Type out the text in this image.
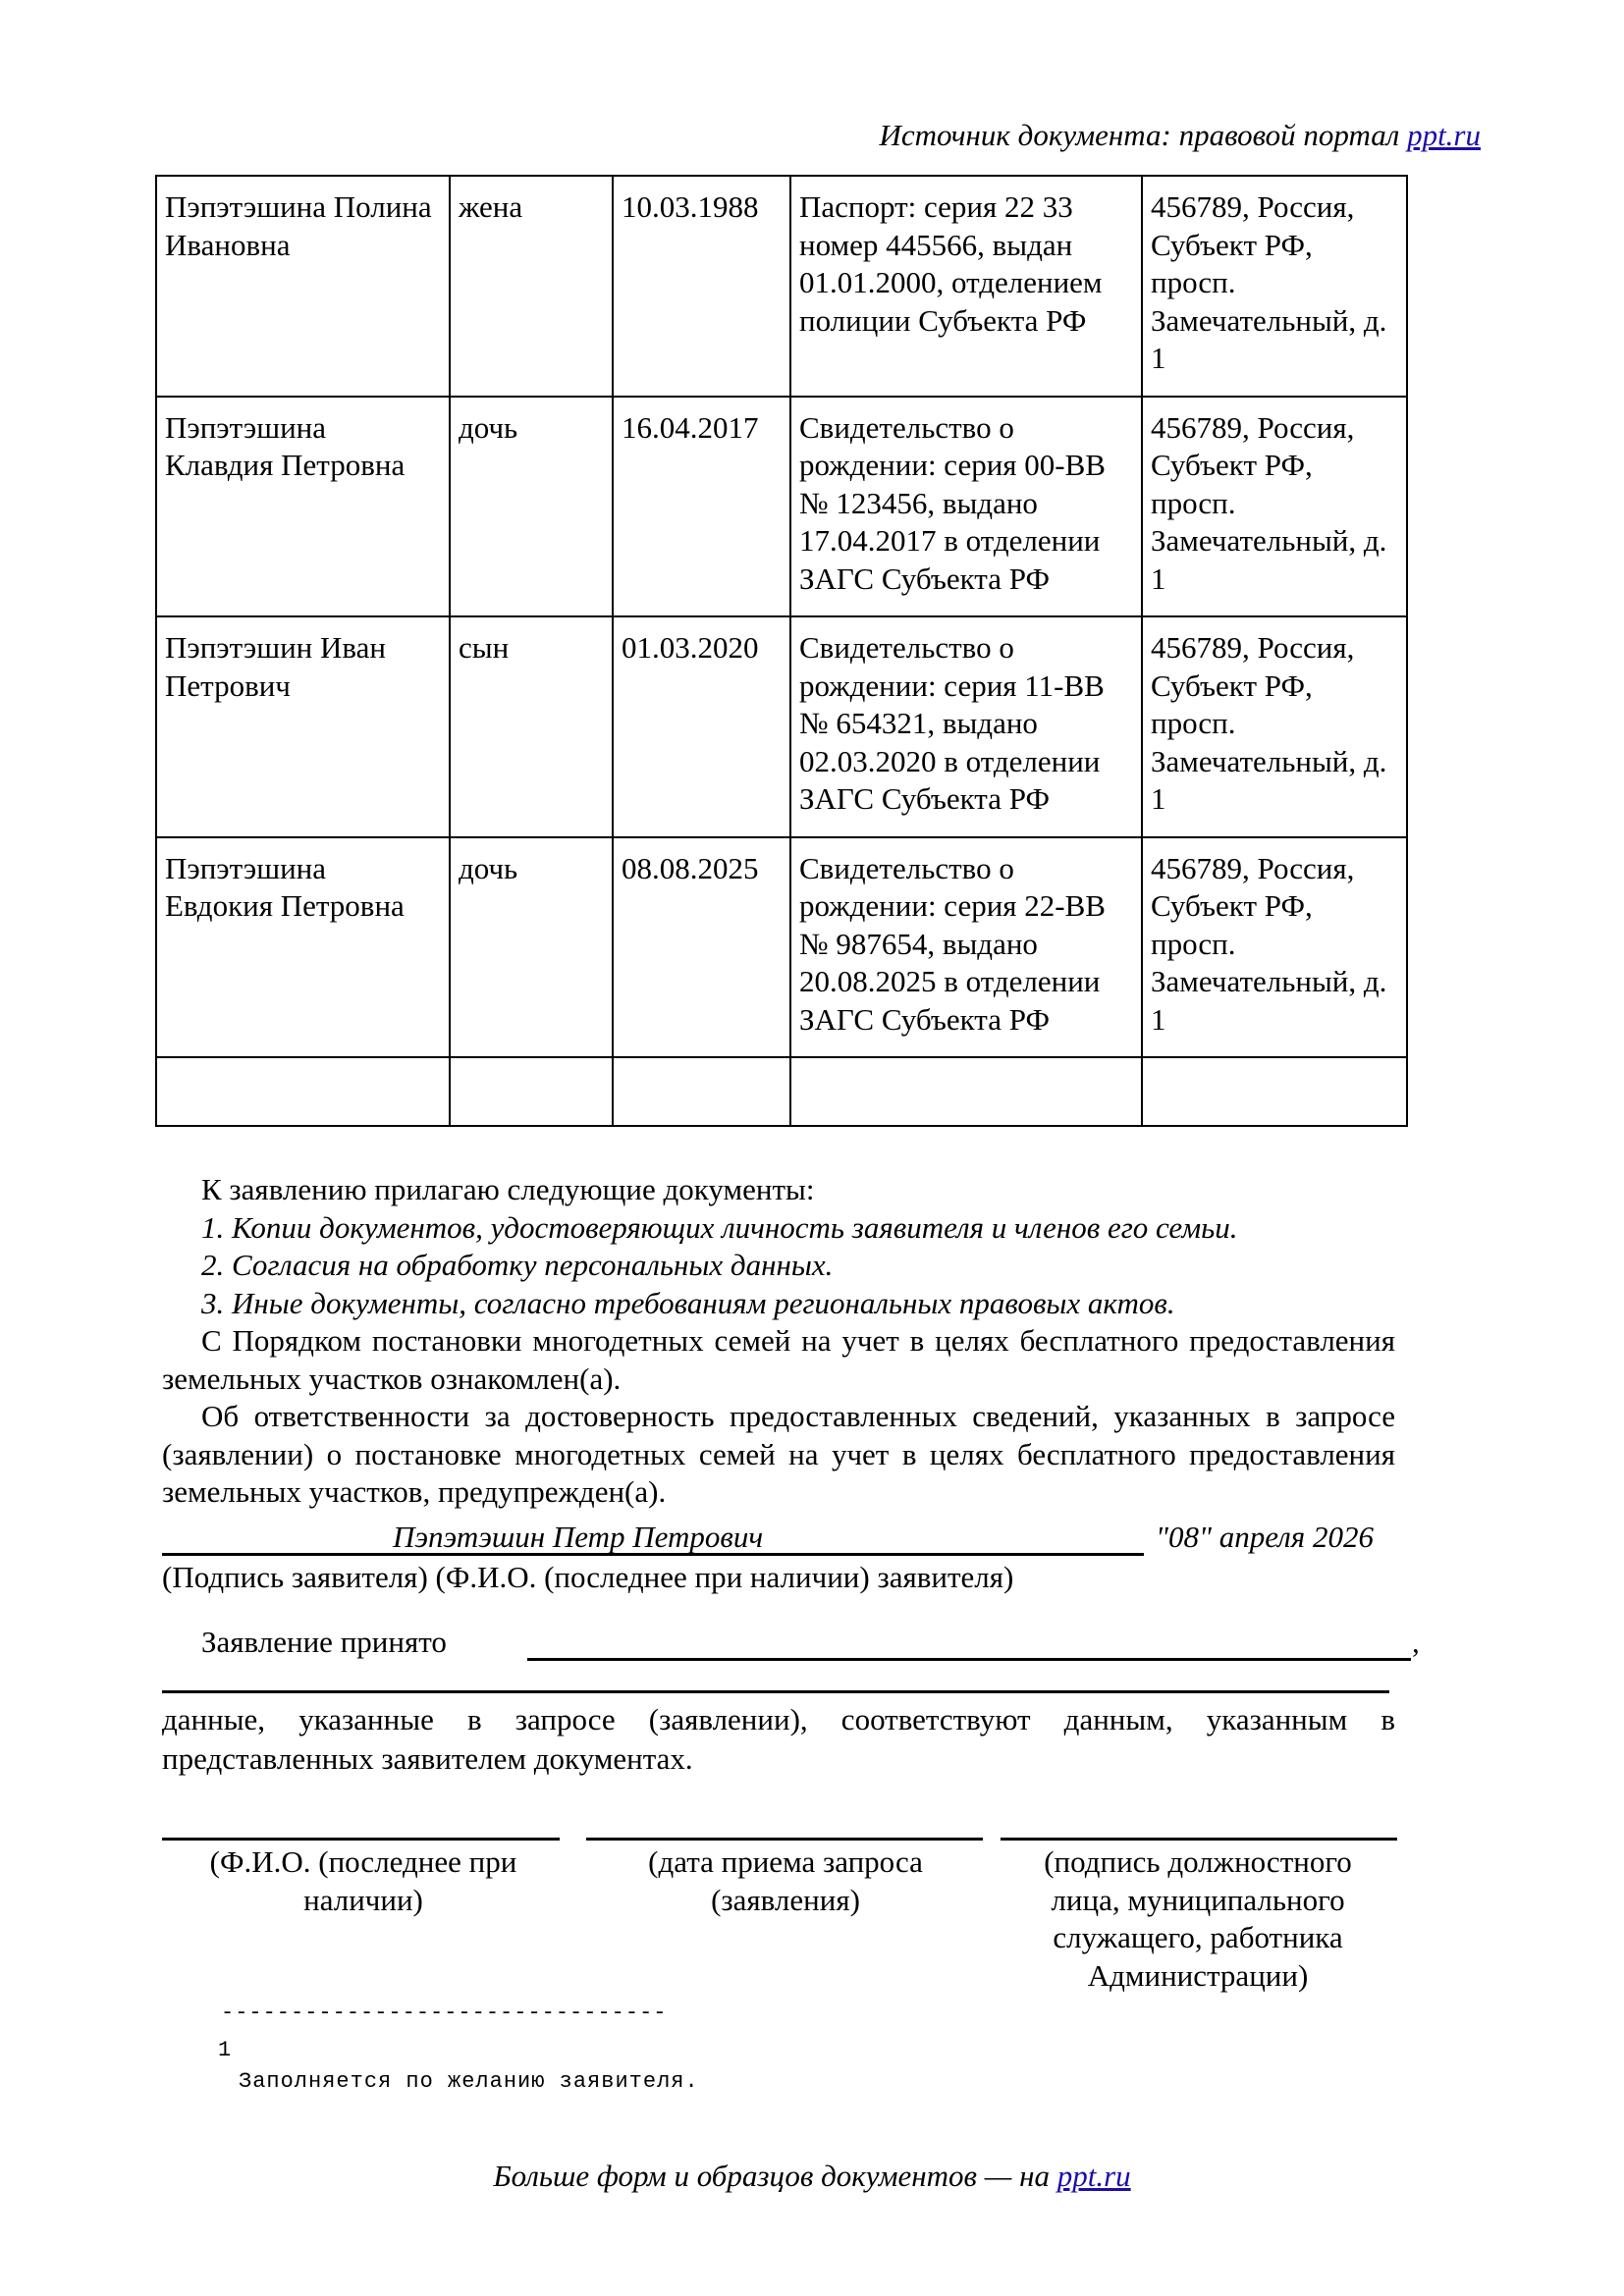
Источник документа: правовой портал ppt.ru
Пэпэтэшина Полина Ивановна	жена	10.03.1988	Паспорт: серия 22 33 номер 445566, выдан 01.01.2000, отделением полиции Субъекта РФ	456789, Россия, Субъект РФ, просп. Замечательный, д. 1
Пэпэтэшина Клавдия Петровна	дочь	16.04.2017	Свидетельство о рождении: серия 00-ВВ № 123456, выдано 17.04.2017 в отделении ЗАГС Субъекта РФ	456789, Россия, Субъект РФ, просп. Замечательный, д. 1
Пэпэтэшин Иван Петрович	сын	01.03.2020	Свидетельство о рождении: серия 11-ВВ № 654321, выдано 02.03.2020 в отделении ЗАГС Субъекта РФ	456789, Россия, Субъект РФ, просп. Замечательный, д. 1
Пэпэтэшина Евдокия Петровна	дочь	08.08.2025	Свидетельство о рождении: серия 22-ВВ № 987654, выдано 20.08.2025 в отделении ЗАГС Субъекта РФ	456789, Россия, Субъект РФ, просп. Замечательный, д. 1

К заявлению прилагаю следующие документы:

1. Копии документов, удостоверяющих личность заявителя и членов его семьи.
2. Согласия на обработку персональных данных.
3. Иные документы, согласно требованиям региональных правовых актов.

С Порядком постановки многодетных семей на учет в целях бесплатного предоставления земельных участков ознакомлен(а).

Об ответственности за достоверность предоставленных сведений, указанных в запросе (заявлении) о постановке многодетных семей на учет в целях бесплатного предоставления земельных участков, предупрежден(а).

Пэпэтэшин Петр Петрович	"08" апреля 2026
(Подпись заявителя) (Ф.И.О. (последнее при наличии) заявителя)
Заявление принято	,

данные, указанные в запросе (заявлении), соответствуют данным, указанным в представленных заявителем документах.

(Ф.И.О. (последнее при наличии)
(дата приема запроса (заявления)
(подпись должностного лица, муниципального служащего, работника Администрации)
--------------------------------
1
Заполняется по желанию заявителя.
Больше форм и образцов документов — на ppt.ru
